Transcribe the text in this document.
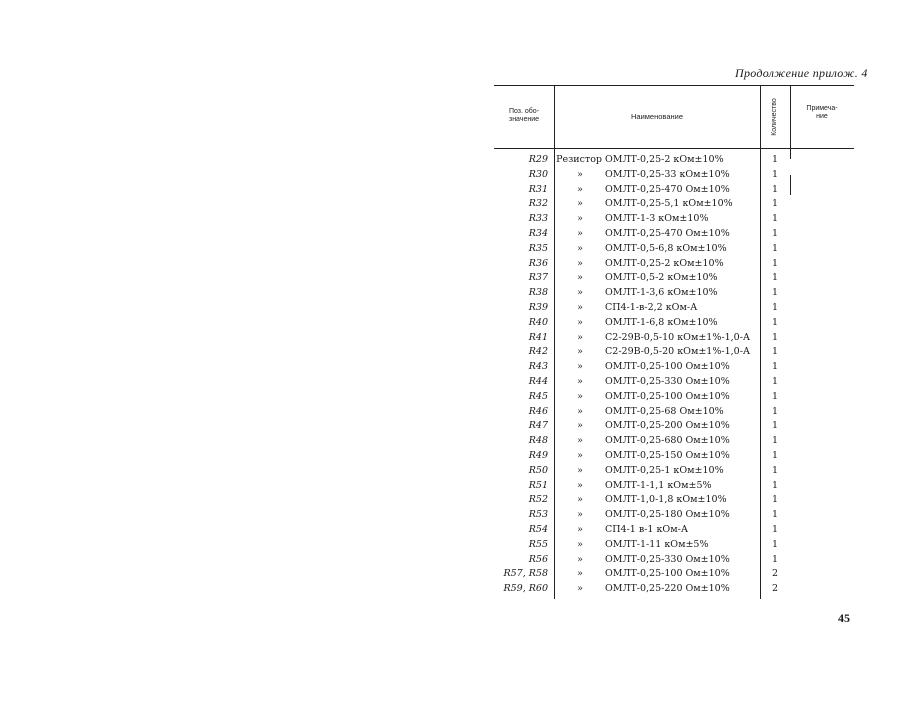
Продолжение прилож. 4
Поз. обо-
значение	Наименование	Количество	Примеча-
ние
R29 Резистор ОМЛТ-0,25-2 кОм±10%	1
R30	»	ОМЛТ-0,25-33 кОм±10%	1
R31	»	ОМЛТ-0,25-470 Ом±10%	1
R32	»	ОМЛТ-0,25-5,1 кОм±10%	1
R33	»	ОМЛТ-1-3 кОм±10%	1
R34	»	ОМЛТ-0,25-470 Ом±10%	1
R35	»	ОМЛТ-0,5-6,8 кОм±10%	1
R36	»	ОМЛТ-0,25-2 кОм±10%	1
R37	»	ОМЛТ-0,5-2 кОм±10%	1
R38	»	ОМЛТ-1-3,6 кОм±10%	1
R39	»	СП4-1-в-2,2 кОм-А	1
R40	»	ОМЛТ-1-6,8 кОм±10%	1
R41	»	С2-29В-0,5-10 кОм±1%-1,0-А	1
R42	»	С2-29В-0,5-20 кОм±1%-1,0-А	1
R43	»	ОМЛТ-0,25-100 Ом±10%	1
R44	»	ОМЛТ-0,25-330 Ом±10%	1
R45	»	ОМЛТ-0,25-100 Ом±10%	1
R46	»	ОМЛТ-0,25-68 Ом±10%	1
R47	»	ОМЛТ-0,25-200 Ом±10%	1
R48	»	ОМЛТ-0,25-680 Ом±10%	1
R49	»	ОМЛТ-0,25-150 Ом±10%	1
R50	»	ОМЛТ-0,25-1 кОм±10%	1
R51	»	ОМЛТ-1-1,1 кОм±5%	1
R52	»	ОМЛТ-1,0-1,8 кОм±10%	1
R53	»	ОМЛТ-0,25-180 Ом±10%	1
R54	»	СП4-1 в-1 кОм-А	1
R55	»	ОМЛТ-1-11 кОм±5%	1
R56	»	ОМЛТ-0,25-330 Ом±10%	1
R57, R58	»	ОМЛТ-0,25-100 Ом±10%	2
R59, R60	»	ОМЛТ-0,25-220 Ом±10%	2
45
